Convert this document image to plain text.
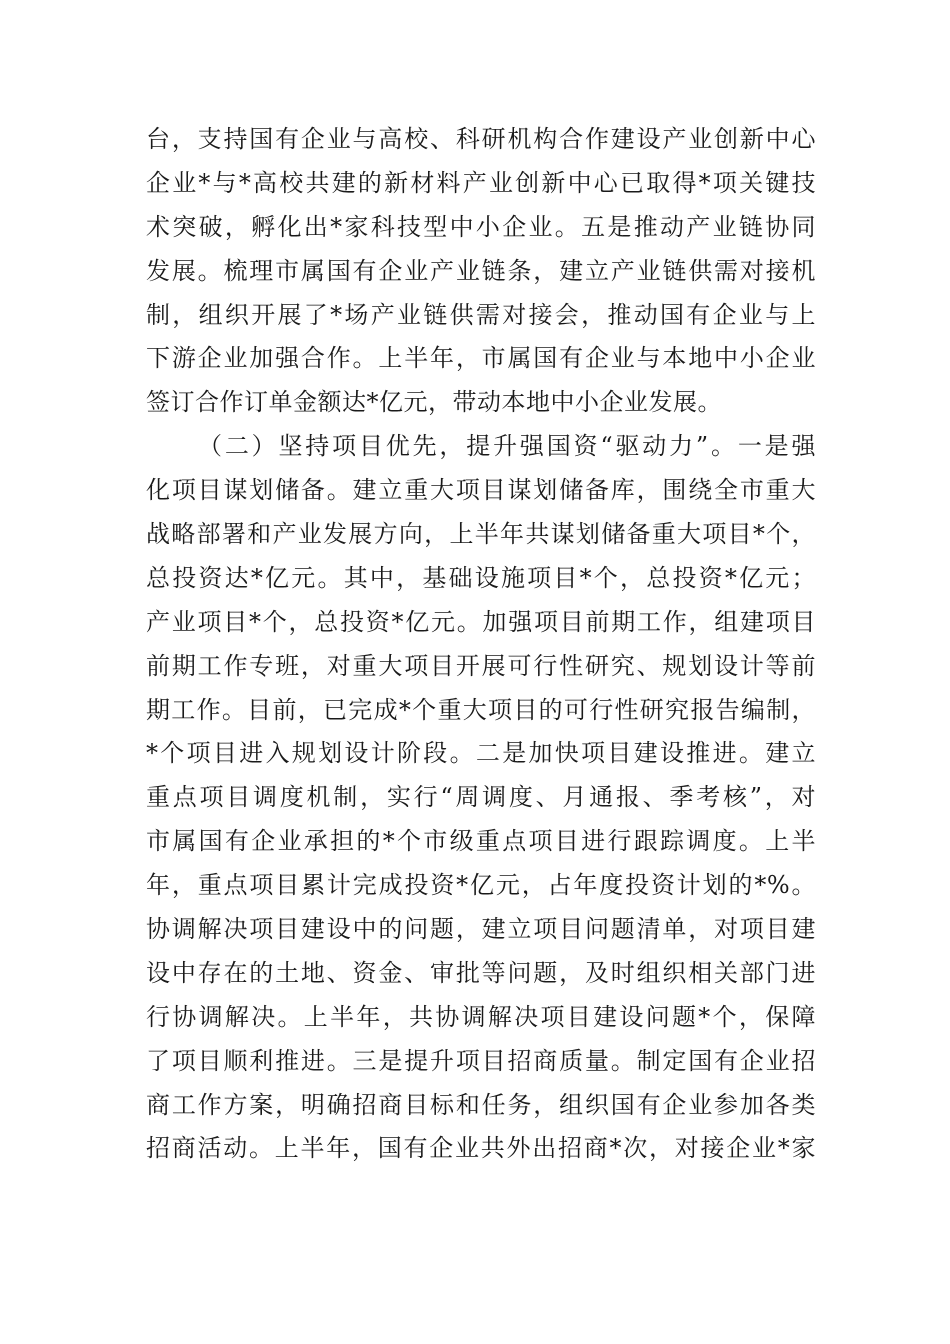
台，支持国有企业与高校、科研机构合作建设产业创新中心
企业*与*高校共建的新材料产业创新中心已取得*项关键技
术突破，孵化出*家科技型中小企业。五是推动产业链协同
发展。梳理市属国有企业产业链条，建立产业链供需对接机
制，组织开展了*场产业链供需对接会，推动国有企业与上
下游企业加强合作。上半年，市属国有企业与本地中小企业
签订合作订单金额达*亿元，带动本地中小企业发展。
（二）坚持项目优先，提升强国资“驱动力”。一是强
化项目谋划储备。建立重大项目谋划储备库，围绕全市重大
战略部署和产业发展方向，上半年共谋划储备重大项目*个，
总投资达*亿元。其中，基础设施项目*个，总投资*亿元；
产业项目*个，总投资*亿元。加强项目前期工作，组建项目
前期工作专班，对重大项目开展可行性研究、规划设计等前
期工作。目前，已完成*个重大项目的可行性研究报告编制，
*个项目进入规划设计阶段。二是加快项目建设推进。建立
重点项目调度机制，实行“周调度、月通报、季考核”，对
市属国有企业承担的*个市级重点项目进行跟踪调度。上半
年，重点项目累计完成投资*亿元，占年度投资计划的*%。
协调解决项目建设中的问题，建立项目问题清单，对项目建
设中存在的土地、资金、审批等问题，及时组织相关部门进
行协调解决。上半年，共协调解决项目建设问题*个，保障
了项目顺利推进。三是提升项目招商质量。制定国有企业招
商工作方案，明确招商目标和任务，组织国有企业参加各类
招商活动。上半年，国有企业共外出招商*次，对接企业*家
